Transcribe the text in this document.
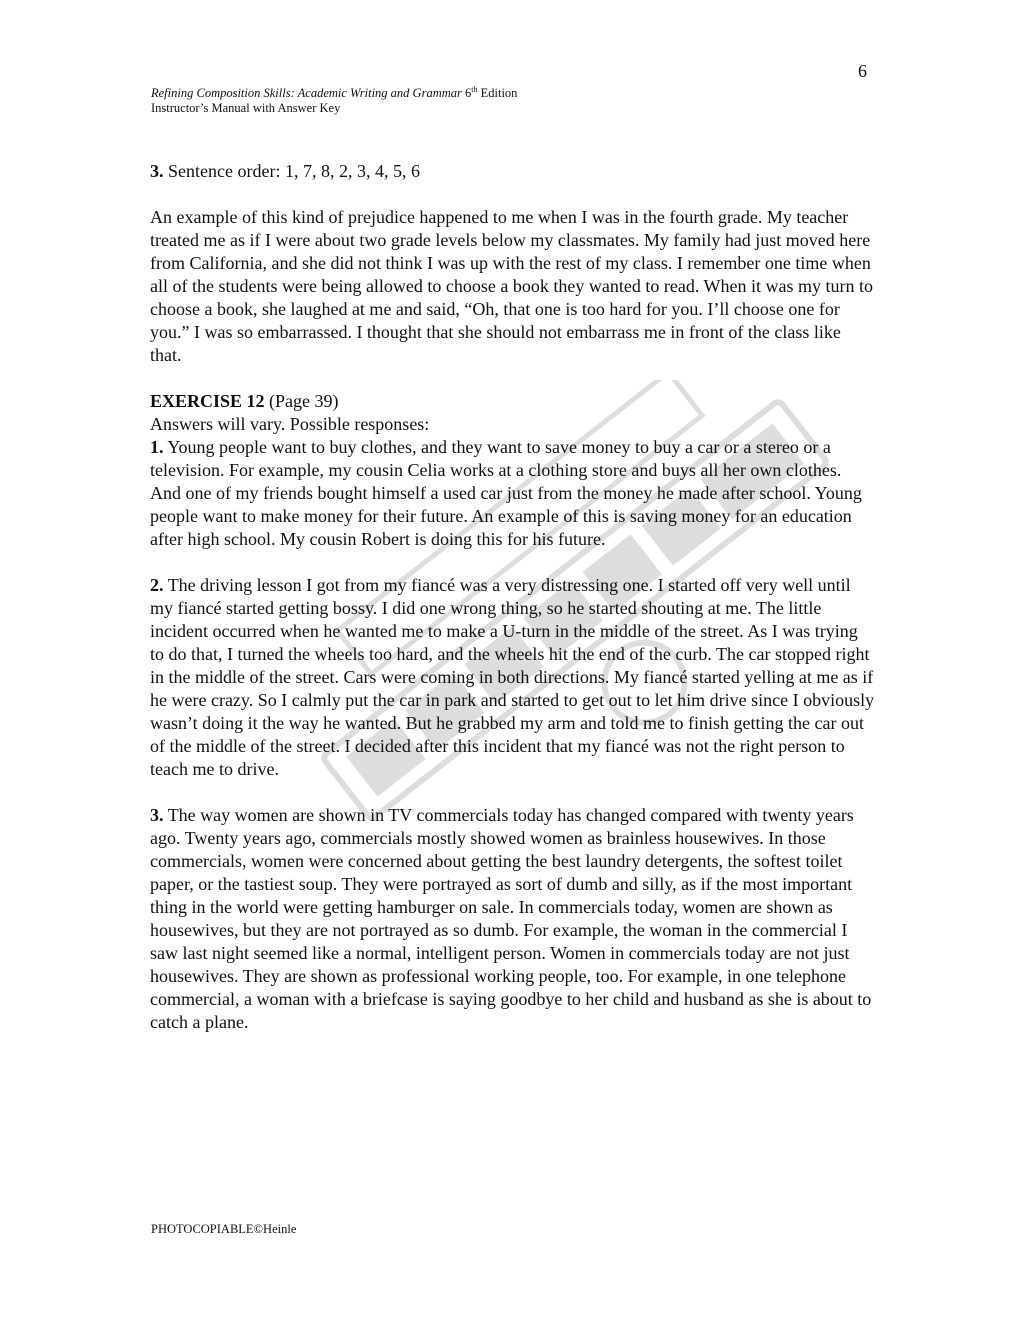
6
Refining Composition Skills: Academic Writing and Grammar 6th Edition
Instructor’s Manual with Answer Key

3. Sentence order: 1, 7, 8, 2, 3, 4, 5, 6

An example of this kind of prejudice happened to me when I was in the fourth grade. My teacher treated me as if I were about two grade levels below my classmates. My family had just moved here from California, and she did not think I was up with the rest of my class. I remember one time when all of the students were being allowed to choose a book they wanted to read. When it was my turn to choose a book, she laughed at me and said, “Oh, that one is too hard for you. I’ll choose one for you.” I was so embarrassed. I thought that she should not embarrass me in front of the class like that.

EXERCISE 12 (Page 39)

Answers will vary. Possible responses:

1. Young people want to buy clothes, and they want to save money to buy a car or a stereo or a television. For example, my cousin Celia works at a clothing store and buys all her own clothes. And one of my friends bought himself a used car just from the money he made after school. Young people want to make money for their future. An example of this is saving money for an education after high school. My cousin Robert is doing this for his future.

2. The driving lesson I got from my fiancé was a very distressing one. I started off very well until my fiancé started getting bossy. I did one wrong thing, so he started shouting at me. The little incident occurred when he wanted me to make a U-turn in the middle of the street. As I was trying to do that, I turned the wheels too hard, and the wheels hit the end of the curb. The car stopped right in the middle of the street. Cars were coming in both directions. My fiancé started yelling at me as if he were crazy. So I calmly put the car in park and started to get out to let him drive since I obviously wasn’t doing it the way he wanted. But he grabbed my arm and told me to finish getting the car out of the middle of the street. I decided after this incident that my fiancé was not the right person to teach me to drive.

3. The way women are shown in TV commercials today has changed compared with twenty years ago. Twenty years ago, commercials mostly showed women as brainless housewives. In those commercials, women were concerned about getting the best laundry detergents, the softest toilet paper, or the tastiest soup. They were portrayed as sort of dumb and silly, as if the most important thing in the world were getting hamburger on sale. In commercials today, women are shown as housewives, but they are not portrayed as so dumb. For example, the woman in the commercial I saw last night seemed like a normal, intelligent person. Women in commercials today are not just housewives. They are shown as professional working people, too. For example, in one telephone commercial, a woman with a briefcase is saying goodbye to her child and husband as she is about to catch a plane.

PHOTOCOPIABLE©Heinle
